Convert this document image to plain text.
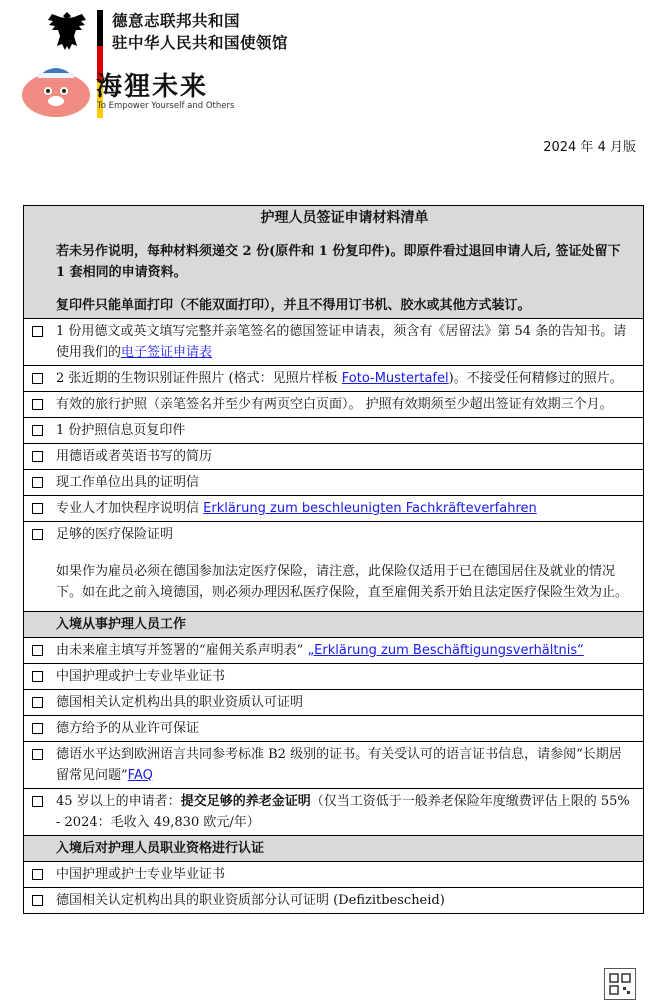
德意志联邦共和国
驻中华人民共和国使领馆
海狸未来
To Empower Yourself and Others
2024 年 4 月版
护理人员签证申请材料清单

若未另作说明，每种材料须递交 2 份(原件和 1 份复印件)。即原件看过退回申请人后, 签证处留下 1 套相同的申请资料。

复印件只能单面打印（不能双面打印），并且不得用订书机、胶水或其他方式装订。

1 份用德文或英文填写完整并亲笔签名的德国签证申请表，须含有《居留法》第 54 条的告知书。请使用我们的电子签证申请表

2 张近期的生物识别证件照片 (格式：见照片样板 Foto-Mustertafel)。不接受任何精修过的照片。

有效的旅行护照（亲笔签名并至少有两页空白页面）。 护照有效期须至少超出签证有效期三个月。

1 份护照信息页复印件

用德语或者英语书写的简历

现工作单位出具的证明信

专业人才加快程序说明信 Erklärung zum beschleunigten Fachkräfteverfahren

足够的医疗保险证明
如果作为雇员必须在德国参加法定医疗保险，请注意，此保险仅适用于已在德国居住及就业的情况下。如在此之前入境德国，则必须办理因私医疗保险，直至雇佣关系开始且法定医疗保险生效为止。

入境从事护理人员工作

由未来雇主填写并签署的“雇佣关系声明表” „Erklärung zum Beschäftigungsverhältnis“

中国护理或护士专业毕业证书

德国相关认定机构出具的职业资质认可证明

德方给予的从业许可保证

德语水平达到欧洲语言共同参考标准 B2 级别的证书。有关受认可的语言证书信息，请参阅“长期居留常见问题”FAQ

45 岁以上的申请者：提交足够的养老金证明（仅当工资低于一般养老保险年度缴费评估上限的 55% - 2024：毛收入 49,830 欧元/年）
入境后对护理人员职业资格进行认证

中国护理或护士专业毕业证书

德国相关认定机构出具的职业资质部分认可证明 (Defizitbescheid)
